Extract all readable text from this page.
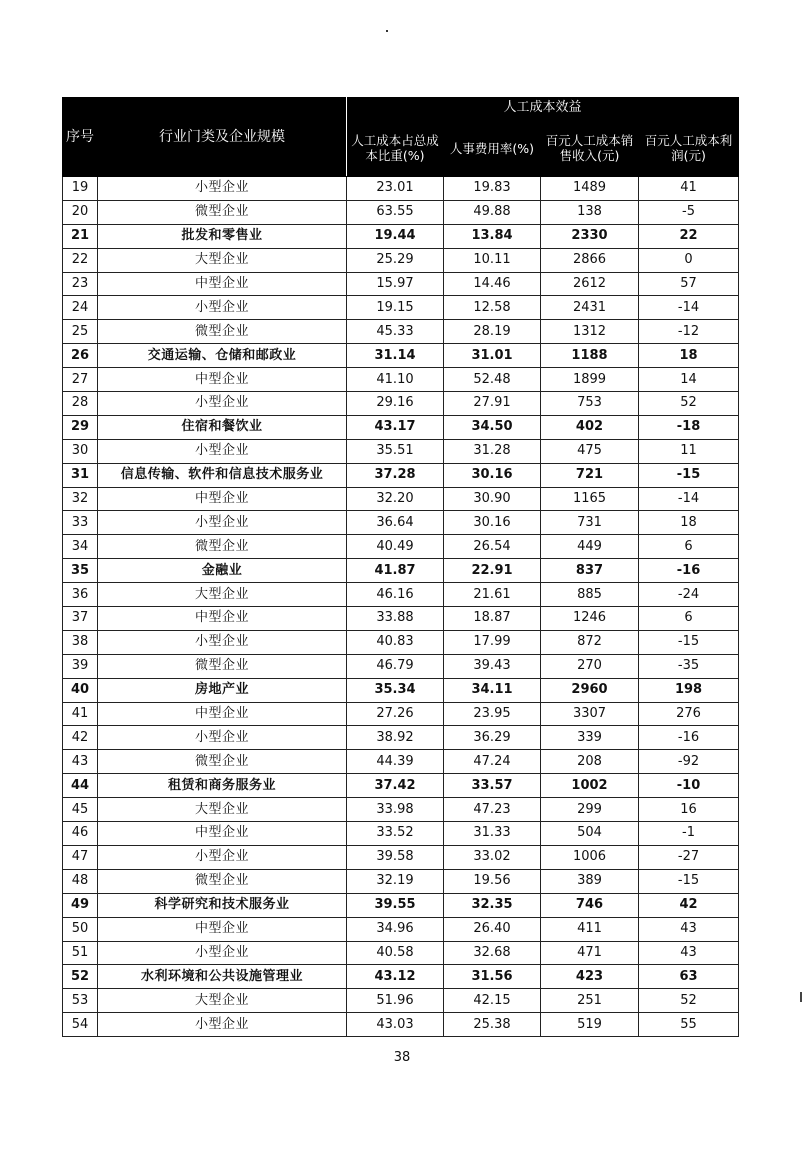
序号	行业门类及企业规模	人工成本效益			
		人工成本占总成本比重(%)	人事费用率(%)	百元人工成本销售收入(元)	百元人工成本利润(元)
19	小型企业	23.01	19.83	1489	41
20	微型企业	63.55	49.88	138	-5
21	批发和零售业	19.44	13.84	2330	22
22	大型企业	25.29	10.11	2866	0
23	中型企业	15.97	14.46	2612	57
24	小型企业	19.15	12.58	2431	-14
25	微型企业	45.33	28.19	1312	-12
26	交通运输、仓储和邮政业	31.14	31.01	1188	18
27	中型企业	41.10	52.48	1899	14
28	小型企业	29.16	27.91	753	52
29	住宿和餐饮业	43.17	34.50	402	-18
30	小型企业	35.51	31.28	475	11
31	信息传输、软件和信息技术服务业	37.28	30.16	721	-15
32	中型企业	32.20	30.90	1165	-14
33	小型企业	36.64	30.16	731	18
34	微型企业	40.49	26.54	449	6
35	金融业	41.87	22.91	837	-16
36	大型企业	46.16	21.61	885	-24
37	中型企业	33.88	18.87	1246	6
38	小型企业	40.83	17.99	872	-15
39	微型企业	46.79	39.43	270	-35
40	房地产业	35.34	34.11	2960	198
41	中型企业	27.26	23.95	3307	276
42	小型企业	38.92	36.29	339	-16
43	微型企业	44.39	47.24	208	-92
44	租赁和商务服务业	37.42	33.57	1002	-10
45	大型企业	33.98	47.23	299	16
46	中型企业	33.52	31.33	504	-1
47	小型企业	39.58	33.02	1006	-27
48	微型企业	32.19	19.56	389	-15
49	科学研究和技术服务业	39.55	32.35	746	42
50	中型企业	34.96	26.40	411	43
51	小型企业	40.58	32.68	471	43
52	水利环境和公共设施管理业	43.12	31.56	423	63
53	大型企业	51.96	42.15	251	52
54	小型企业	43.03	25.38	519	55
38
